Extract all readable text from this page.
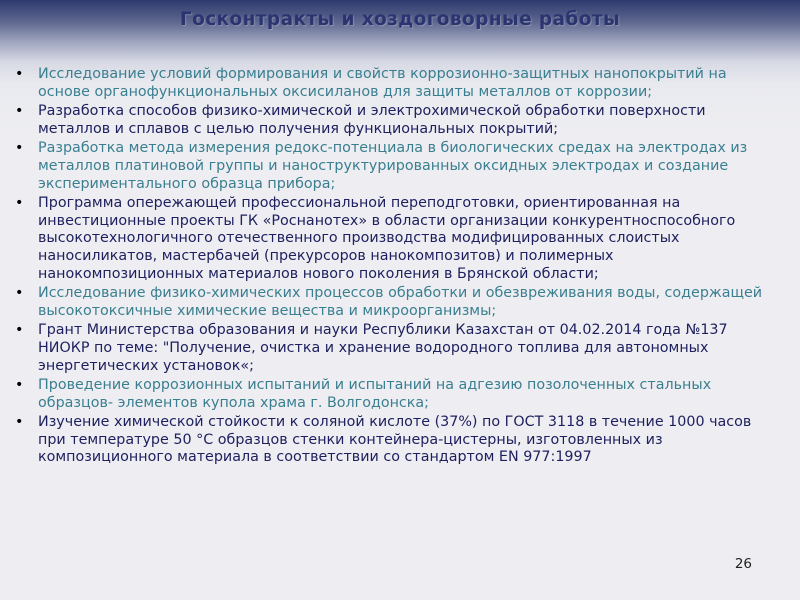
Госконтракты и хоздоговорные работы
• Исследование условий формирования и свойств коррозионно-защитных нанопокрытий на основе органофункциональных оксисиланов для защиты металлов от коррозии;
• Разработка способов физико-химической и электрохимической обработки поверхности металлов и сплавов с целью получения функциональных покрытий;
• Разработка метода измерения редокс-потенциала в биологических средах на электродах из металлов платиновой группы и наноструктурированных оксидных электродах и создание экспериментального образца прибора;
• Программа опережающей профессиональной переподготовки, ориентированная на инвестиционные проекты ГК «Роснанотех» в области организации конкурентноспособного высокотехнологичного отечественного производства модифицированных слоистых наносиликатов, мастербачей (прекурсоров нанокомпозитов) и полимерных нанокомпозиционных материалов нового поколения в Брянской области;
• Исследование физико-химических процессов обработки и обезвреживания воды, содержащей высокотоксичные химические вещества и микроорганизмы;
• Грант Министерства образования и науки Республики Казахстан от 04.02.2014 года №137 НИОКР по теме: "Получение, очистка и хранение водородного топлива для автономных энергетических установок«;
• Проведение коррозионных испытаний и испытаний на адгезию позолоченных стальных образцов- элементов купола храма г. Волгодонска;
• Изучение химической стойкости к соляной кислоте (37%) по ГОСТ 3118 в течение 1000 часов при температуре 50 °С образцов стенки контейнера-цистерны, изготовленных из композиционного материала в соответствии со стандартом EN 977:1997
26
